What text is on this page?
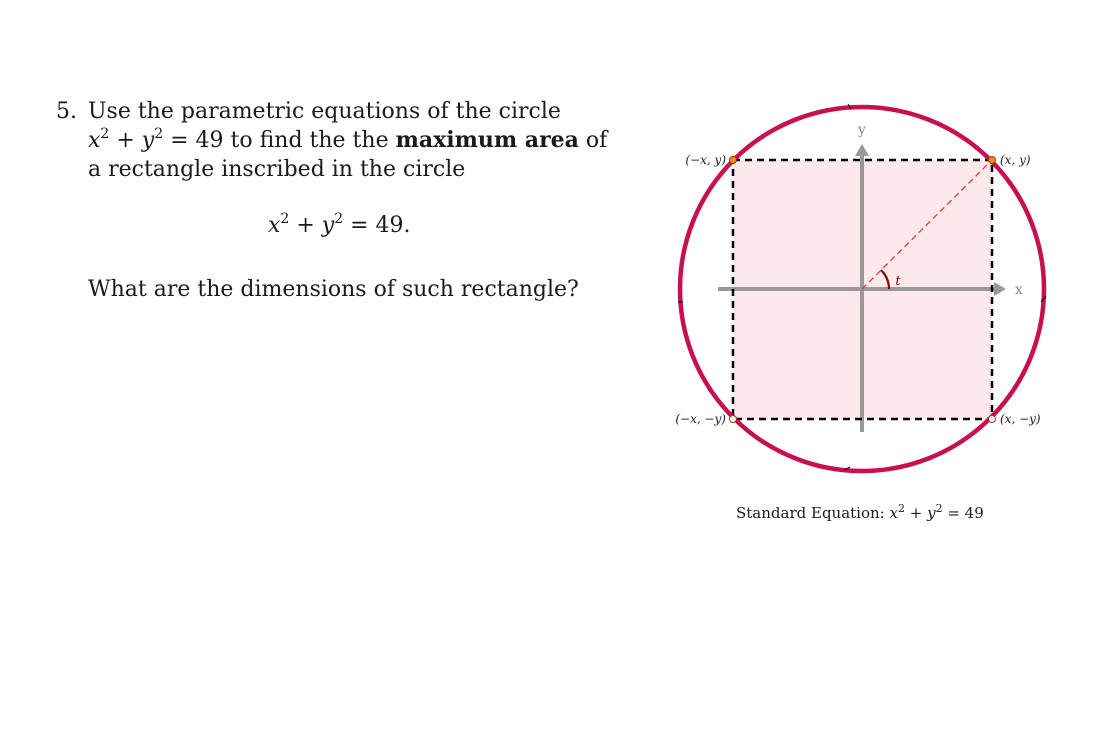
5. Use the parametric equations of the circle
$x^2 + y^2 = 49$ to find the the maximum area of
a rectangle inscribed in the circle
$x^2 + y^2 = 49$.
What are the dimensions of such rectangle?
y
x
t
(−x, y)	(x, y)
(−x, −y)	(x, −y)
Standard Equation: $x^2 + y^2 = 49$
